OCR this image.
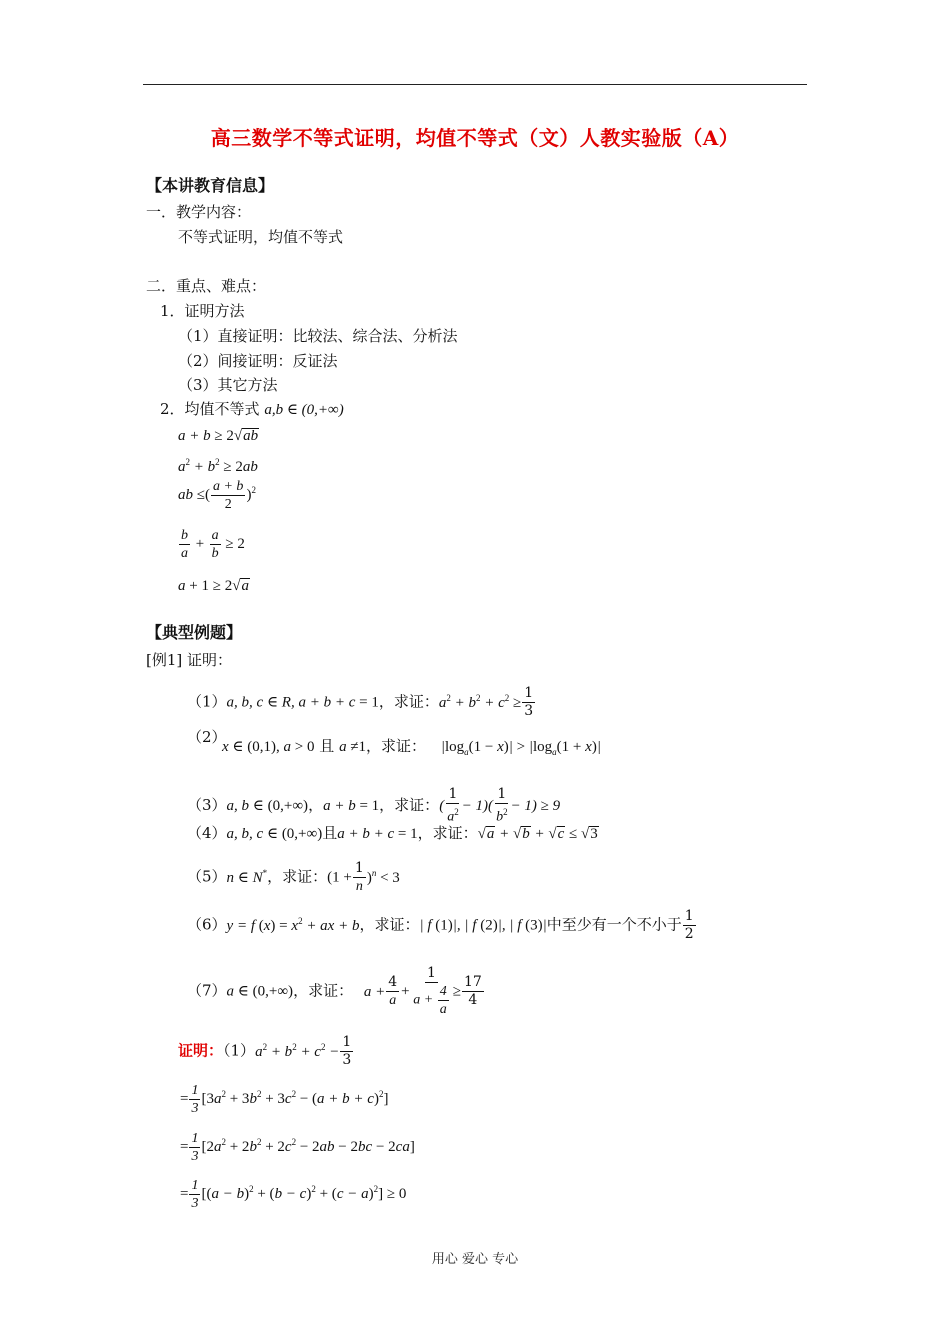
高三数学不等式证明，均值不等式（文）人教实验版（A）
【本讲教育信息】
一．教学内容：
不等式证明，均值不等式
二．重点、难点：
1．证明方法
（1）直接证明：比较法、综合法、分析法
（2）间接证明：反证法
（3）其它方法
2．均值不等式 a,b ∈ (0,+∞)
a + b ≥ 2√ab
$a^2 + b^2 \ge 2ab$
ab ≤( $\frac{a + b}{2} )^2$
$\frac{b}{a} + \frac{a}{b} \ge 2$
a + 1 ≥ 2√a
【典型例题】
[例1] 证明：
（1）a, b, c ∈ R, a + b + c = 1，求证：$a^2 + b^2 + c^2 \ge \frac{1}{3}$
（2）
x ∈ (0,1), a > 0 且 a ≠1，求证： $|\log_a(1 - x)| > |\log_a(1 + x)|$
（3）a, b ∈ (0,+∞)，a + b = 1，求证：( $\frac{1}{a^2} - 1)( \frac{1}{b^2} - 1) \ge 9$
（4）a, b, c ∈ (0,+∞)且a + b + c = 1，求证：√a + √b + √c ≤ √3
（5）n ∈ N*，求证：$(1 + \frac{1}{n} )^n < 3$
（6）y = f $(x) = x^2$ + ax + b，求证：| f (1)|, | f (2)|, | f (3)|中至少有一个不小于 $\frac{1}{2}$
（7）a ∈ (0,+∞)，求证： $a + \frac{4}{a} + \frac{1}{a + \frac{4}{a}} \ge \frac{17}{4}$
证明：$(1)a^2 + b^2 + c^2 - \frac{1}{3}$
= $\frac{1}{3} [3a^2 + 3b^2 + 3c^2 - (a + b + c)^2]$
= $\frac{1}{3} [2a^2 + 2b^2 + 2c^2 - 2ab - 2bc - 2ca]$
= $\frac{1}{3} [(a - b)^2 + (b - c)^2 + (c - a)^2] \ge 0$
用心 爱心 专心
